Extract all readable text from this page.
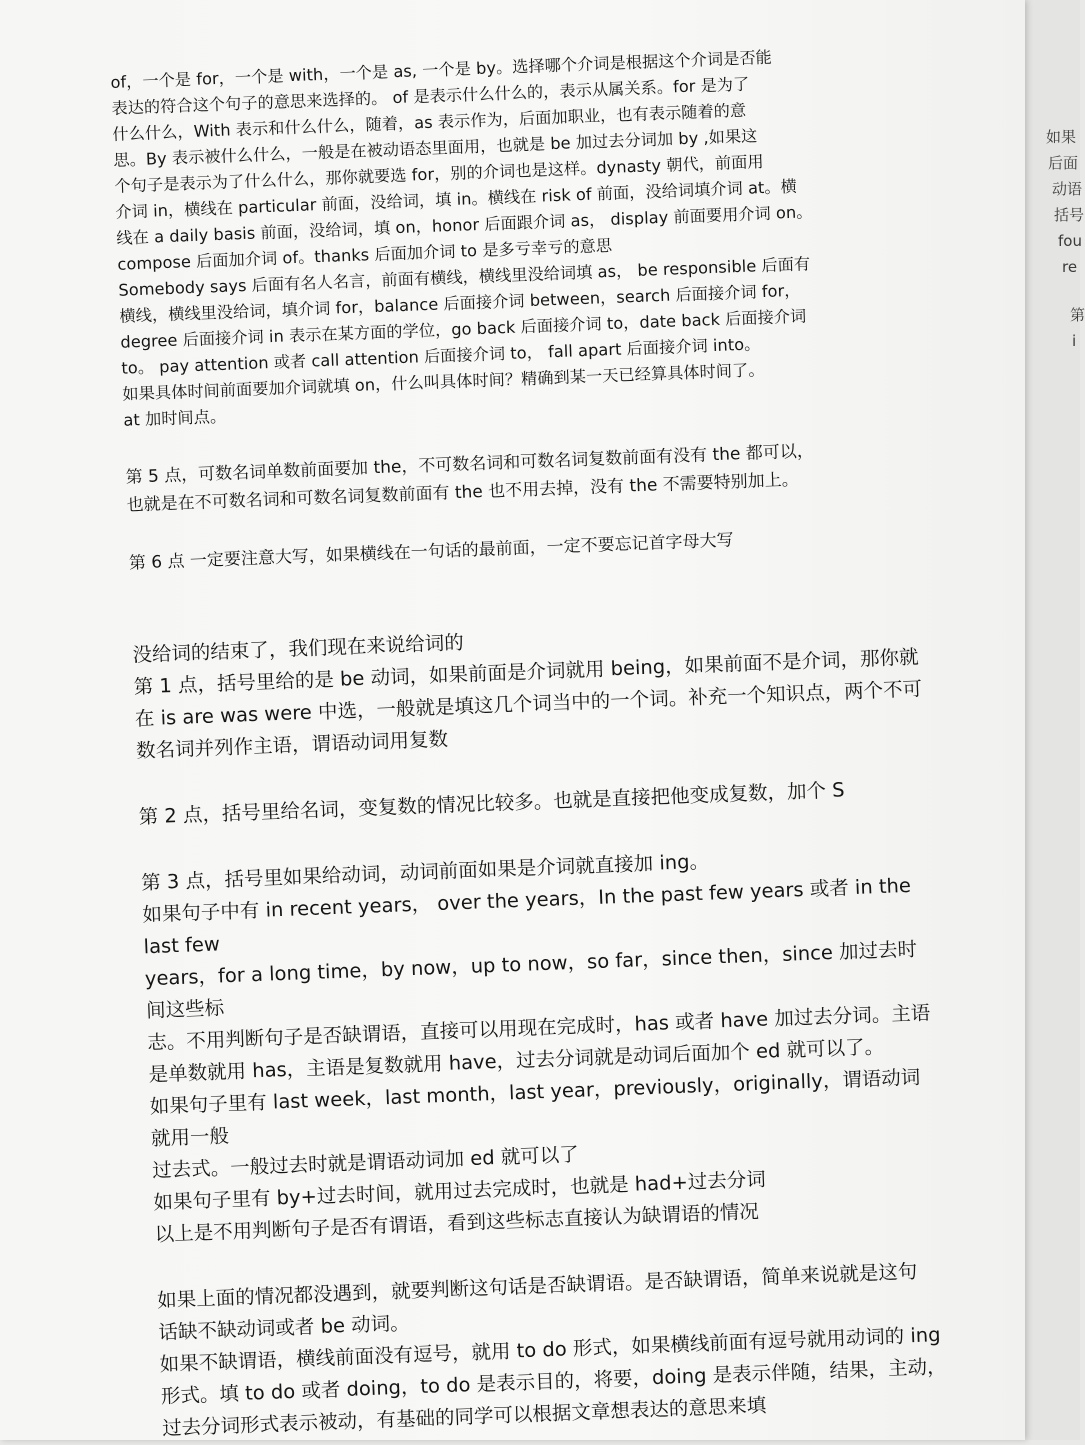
如果
后面
动语
括号
fou
re
第
i

of，一个是 for，一个是 with，一个是 as, 一个是 by。选择哪个介词是根据这个介词是否能
表达的符合这个句子的意思来选择的。 of 是表示什么什么的，表示从属关系。for 是为了
什么什么，With 表示和什么什么，随着，as 表示作为，后面加职业，也有表示随着的意
思。By 表示被什么什么，一般是在被动语态里面用，也就是 be 加过去分词加 by ,如果这
个句子是表示为了什么什么，那你就要选 for，别的介词也是这样。dynasty 朝代，前面用
介词 in，横线在 particular 前面，没给词，填 in。横线在 risk of 前面，没给词填介词 at。横
线在 a daily basis 前面，没给词，填 on，honor 后面跟介词 as， display 前面要用介词 on。
compose 后面加介词 of。thanks 后面加介词 to 是多亏幸亏的意思
Somebody says 后面有名人名言，前面有横线，横线里没给词填 as， be responsible 后面有
横线，横线里没给词，填介词 for，balance 后面接介词 between，search 后面接介词 for，
degree 后面接介词 in 表示在某方面的学位，go back 后面接介词 to，date back 后面接介词
to。 pay attention 或者 call attention 后面接介词 to， fall apart 后面接介词 into。
如果具体时间前面要加介词就填 on，什么叫具体时间？精确到某一天已经算具体时间了。
at 加时间点。

第 5 点，可数名词单数前面要加 the，不可数名词和可数名词复数前面有没有 the 都可以，
也就是在不可数名词和可数名词复数前面有 the 也不用去掉，没有 the 不需要特别加上。

第 6 点 一定要注意大写，如果横线在一句话的最前面，一定不要忘记首字母大写

没给词的结束了，我们现在来说给词的
第 1 点，括号里给的是 be 动词，如果前面是介词就用 being，如果前面不是介词，那你就
在 is are was were 中选，一般就是填这几个词当中的一个词。补充一个知识点，两个不可
数名词并列作主语，谓语动词用复数

第 2 点，括号里给名词，变复数的情况比较多。也就是直接把他变成复数，加个 S

第 3 点，括号里如果给动词，动词前面如果是介词就直接加 ing。
如果句子中有 in recent years， over the years，In the past few years 或者 in the last few
years，for a long time，by now，up to now，so far，since then，since 加过去时间这些标
志。不用判断句子是否缺谓语，直接可以用现在完成时，has 或者 have 加过去分词。主语
是单数就用 has，主语是复数就用 have，过去分词就是动词后面加个 ed 就可以了。
如果句子里有 last week，last month，last year，previously，originally，谓语动词就用一般
过去式。一般过去时就是谓语动词加 ed 就可以了
如果句子里有 by+过去时间，就用过去完成时，也就是 had+过去分词
以上是不用判断句子是否有谓语，看到这些标志直接认为缺谓语的情况

如果上面的情况都没遇到，就要判断这句话是否缺谓语。是否缺谓语，简单来说就是这句
话缺不缺动词或者 be 动词。
如果不缺谓语，横线前面没有逗号，就用 to do 形式，如果横线前面有逗号就用动词的 ing
形式。填 to do 或者 doing，to do 是表示目的，将要，doing 是表示伴随，结果，主动，
过去分词形式表示被动，有基础的同学可以根据文章想表达的意思来填
